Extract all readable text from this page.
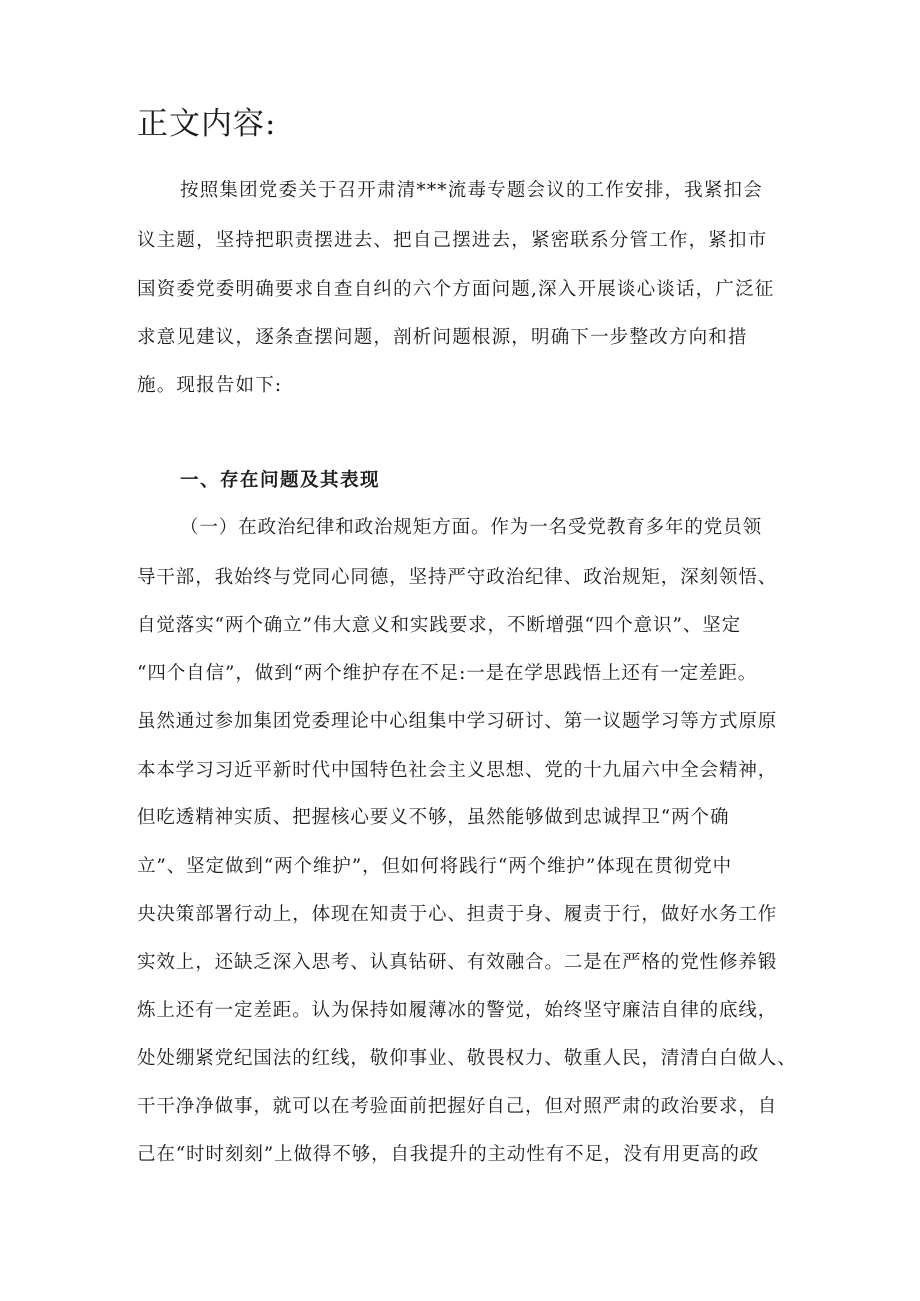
正文内容:

按照集团党委关于召开肃清***流毒专题会议的工作安排，我紧扣会

议主题，坚持把职责摆进去、把自己摆进去，紧密联系分管工作，紧扣市

国资委党委明确要求自查自纠的六个方面问题,深入开展谈心谈话，广泛征

求意见建议，逐条查摆问题，剖析问题根源，明确下一步整改方向和措

施。现报告如下:

一、存在问题及其表现

（一）在政治纪律和政治规矩方面。作为一名受党教育多年的党员领

导干部，我始终与党同心同德，坚持严守政治纪律、政治规矩，深刻领悟、

自觉落实“两个确立”伟大意义和实践要求，不断增强“四个意识”、坚定

“四个自信”，做到“两个维护存在不足:一是在学思践悟上还有一定差距。

虽然通过参加集团党委理论中心组集中学习研讨、第一议题学习等方式原原

本本学习习近平新时代中国特色社会主义思想、党的十九届六中全会精神，

但吃透精神实质、把握核心要义不够，虽然能够做到忠诚捍卫“两个确

立”、坚定做到“两个维护”，但如何将践行“两个维护”体现在贯彻党中

央决策部署行动上，体现在知责于心、担责于身、履责于行，做好水务工作

实效上，还缺乏深入思考、认真钻研、有效融合。二是在严格的党性修养锻

炼上还有一定差距。认为保持如履薄冰的警觉，始终坚守廉洁自律的底线，

处处绷紧党纪国法的红线，敬仰事业、敬畏权力、敬重人民，清清白白做人、

干干净净做事，就可以在考验面前把握好自己，但对照严肃的政治要求，自

己在“时时刻刻”上做得不够，自我提升的主动性有不足，没有用更高的政
